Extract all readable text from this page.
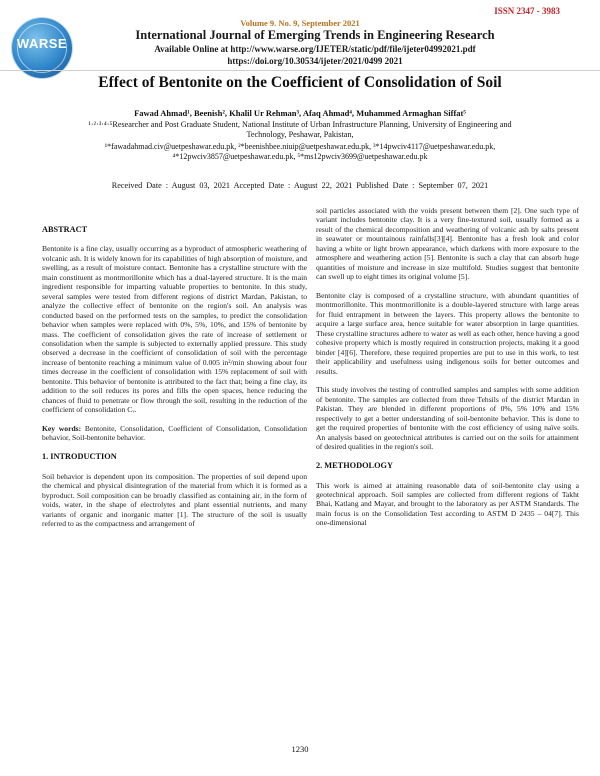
WARSE
ISSN 2347 - 3983
Volume 9. No. 9, September 2021
International Journal of Emerging Trends in Engineering Research
Available Online at http://www.warse.org/IJETER/static/pdf/file/ijeter04992021.pdf
https://doi.org/10.30534/ijeter/2021/0499 2021
Effect of Bentonite on the Coefficient of Consolidation of Soil
Fawad Ahmad¹, Beenish², Khalil Ur Rehman³, Afaq Ahmad⁴, Muhammed Armaghan Siffat⁵
¹·²·³·⁴·⁵Researcher and Post Graduate Student, National Institute of Urban Infrastructure Planning, University of Engineering and
Technology, Peshawar, Pakistan,
¹*fawadahmad.civ@uetpeshawar.edu.pk, ²*beenishbee.niuip@uetpeshawar.edu.pk, ³*14pwciv4117@uetpeshawar.edu.pk,
⁴*12pwciv3857@uetpeshawar.edu.pk, ⁵*ms12pwciv3699@uetpeshawar.edu.pk
Received Date : August 03, 2021 Accepted Date : August 22, 2021 Published Date : September 07, 2021
ABSTRACT

Bentonite is a fine clay, usually occurring as a byproduct of atmospheric weathering of volcanic ash. It is widely known for its capabilities of high absorption of moisture, and swelling, as a result of moisture contact. Bentonite has a crystalline structure with the main constituent as montmorillonite which has a dual-layered structure. It is the main ingredient responsible for imparting valuable properties to bentonite. In this study, several samples were tested from different regions of district Mardan, Pakistan, to analyze the collective effect of bentonite on the region's soil. An analysis was conducted based on the performed tests on the samples, to predict the consolidation behavior when samples were replaced with 0%, 5%, 10%, and 15% of bentonite by mass. The coefficient of consolidation gives the rate of increase of settlement or consolidation when the sample is subjected to externally applied pressure. This study observed a decrease in the coefficient of consolidation of soil with the percentage increase of bentonite reaching a minimum value of 0.005 in²/min showing about four times decrease in the coefficient of consolidation with 15% replacement of soil with bentonite. This behavior of bentonite is attributed to the fact that; being a fine clay, its addition to the soil reduces its pores and fills the open spaces, hence reducing the chances of fluid to penetrate or flow through the soil, resulting in the reduction of the coefficient of consolidation Cᵥ.

Key words: Bentonite, Consolidation, Coefficient of Consolidation, Consolidation behavior, Soil-bentonite behavior.

1. INTRODUCTION

Soil behavior is dependent upon its composition. The properties of soil depend upon the chemical and physical disintegration of the material from which it is formed as a byproduct. Soil composition can be broadly classified as containing air, in the form of voids, water, in the shape of electrolytes and plant essential nutrients, and many variants of organic and inorganic matter [1]. The structure of the soil is usually referred to as the compactness and arrangement of

soil particles associated with the voids present between them [2]. One such type of variant includes bentonite clay. It is a very fine-textured soil, usually formed as a result of the chemical decomposition and weathering of volcanic ash by salts present in seawater or mountainous rainfalls[3][4]. Bentonite has a fresh look and color having a white or light brown appearance, which darkens with more exposure to the atmosphere and weathering action [5]. Bentonite is such a clay that can absorb huge quantities of moisture and increase in size multifold. Studies suggest that bentonite can swell up to eight times its original volume [5].

Bentonite clay is composed of a crystalline structure, with abundant quantities of montmorillonite. This montmorillonite is a double-layered structure with large areas for fluid entrapment in between the layers. This property allows the bentonite to acquire a large surface area, hence suitable for water absorption in large quantities. These crystalline structures adhere to water as well as each other, hence having a good cohesive property which is mostly required in construction projects, making it a good binder [4][6]. Therefore, these required properties are put to use in this work, to test their applicability and usefulness using indigenous soils for better outcomes and results.

This study involves the testing of controlled samples and samples with some addition of bentonite. The samples are collected from three Tehsils of the district Mardan in Pakistan. They are blended in different proportions of 0%, 5% 10% and 15% respectively to get a better understanding of soil-bentonite behavior. This is done to get the required properties of bentonite with the cost efficiency of using naïve soils. An analysis based on geotechnical attributes is carried out on the soils for attainment of desired qualities in the region's soil.

2. METHODOLOGY

This work is aimed at attaining reasonable data of soil-bentonite clay using a geotechnical approach. Soil samples are collected from different regions of Takht Bhai, Katlang and Mayar, and brought to the laboratory as per ASTM Standards. The main focus is on the Consolidation Test according to ASTM D 2435 – 04[7]. This one-dimensional

1230
